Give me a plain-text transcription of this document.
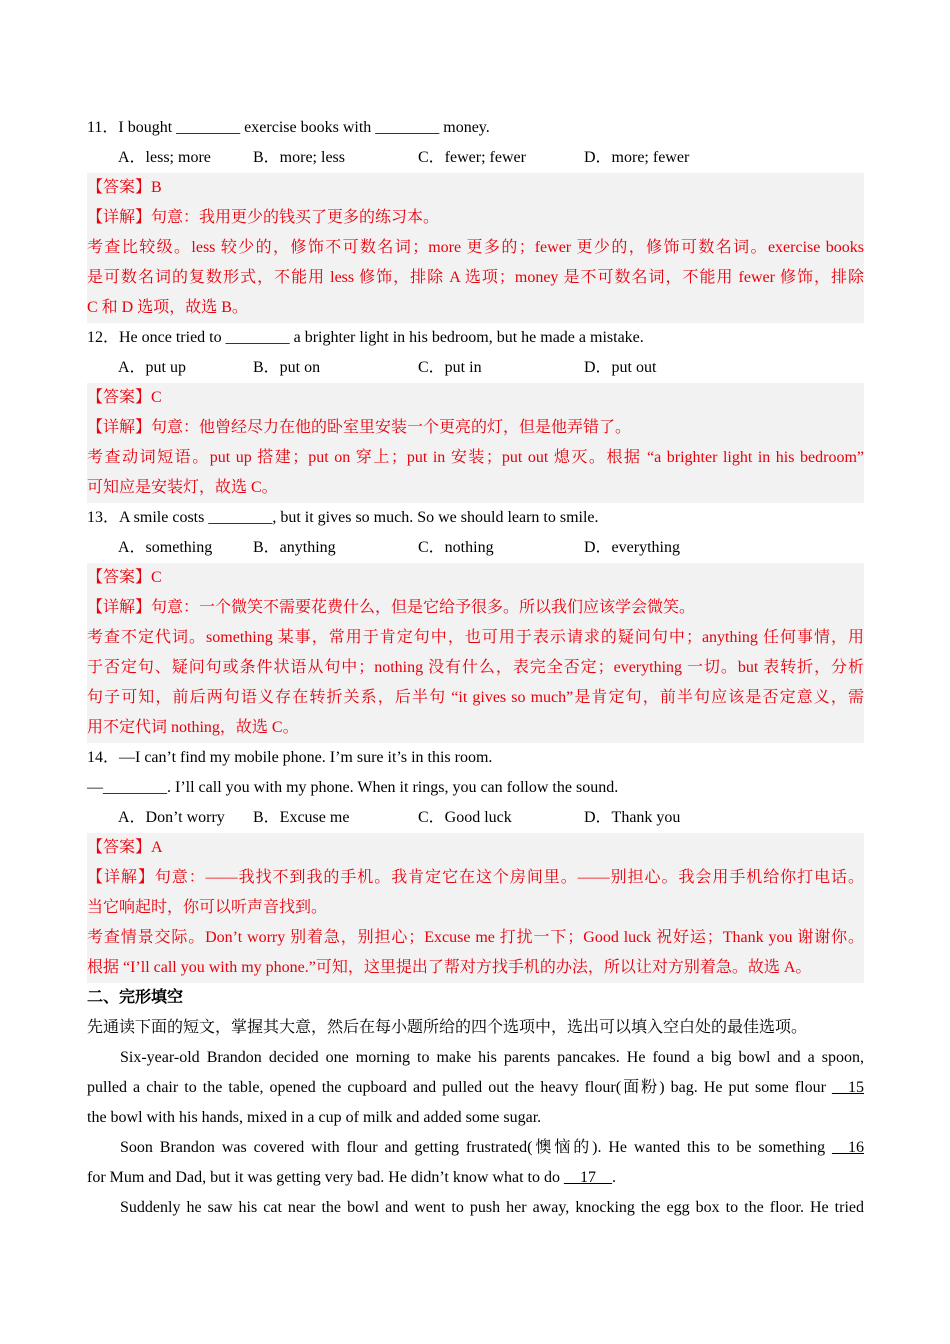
11．I bought ________ exercise books with ________ money.
A．less; more	B．more; less	C．fewer; fewer	D．more; fewer
【答案】B
【详解】句意：我用更少的钱买了更多的练习本。
考查比较级。less 较少的，修饰不可数名词；more 更多的；fewer 更少的，修饰可数名词。exercise books
是可数名词的复数形式，不能用 less 修饰，排除 A 选项；money 是不可数名词，不能用 fewer 修饰，排除
C 和 D 选项，故选 B。
12．He once tried to ________ a brighter light in his bedroom, but he made a mistake.
A．put up	B．put on	C．put in	D．put out
【答案】C
【详解】句意：他曾经尽力在他的卧室里安装一个更亮的灯，但是他弄错了。
考查动词短语。put up 搭建；put on 穿上；put in 安装；put out 熄灭。根据 “a brighter light in his bedroom”
可知应是安装灯，故选 C。
13．A smile costs ________, but it gives so much. So we should learn to smile.
A．something	B．anything	C．nothing	D．everything
【答案】C
【详解】句意：一个微笑不需要花费什么，但是它给予很多。所以我们应该学会微笑。
考查不定代词。something 某事，常用于肯定句中，也可用于表示请求的疑问句中；anything 任何事情，用
于否定句、疑问句或条件状语从句中；nothing 没有什么，表完全否定；everything 一切。but 表转折，分析
句子可知，前后两句语义存在转折关系，后半句 “it gives so much”是肯定句，前半句应该是否定意义，需
用不定代词 nothing，故选 C。
14．—I can’t find my mobile phone. I’m sure it’s in this room.
—________. I’ll call you with my phone. When it rings, you can follow the sound.
A．Don’t worry B．Excuse me	C．Good luck	D．Thank you
【答案】A
【详解】句意：——我找不到我的手机。我肯定它在这个房间里。——别担心。我会用手机给你打电话。
当它响起时，你可以听声音找到。
考查情景交际。Don’t worry 别着急，别担心；Excuse me 打扰一下；Good luck 祝好运；Thank you 谢谢你。
根据 “I’ll call you with my phone.”可知，这里提出了帮对方找手机的办法，所以让对方别着急。故选 A。
二、完形填空
先通读下面的短文，掌握其大意，然后在每小题所给的四个选项中，选出可以填入空白处的最佳选项。
Six-year-old Brandon decided one morning to make his parents pancakes. He found a big bowl and a spoon,
pulled a chair to the table, opened the cupboard and pulled out the heavy flour(面粉) bag. He put some flour __15
the bowl with his hands, mixed in a cup of milk and added some sugar.
Soon Brandon was covered with flour and getting frustrated(懊恼的). He wanted this to be something __16
for Mum and Dad, but it was getting very bad. He didn’t know what to do __17__.
Suddenly he saw his cat near the bowl and went to push her away, knocking the egg box to the floor. He tried
